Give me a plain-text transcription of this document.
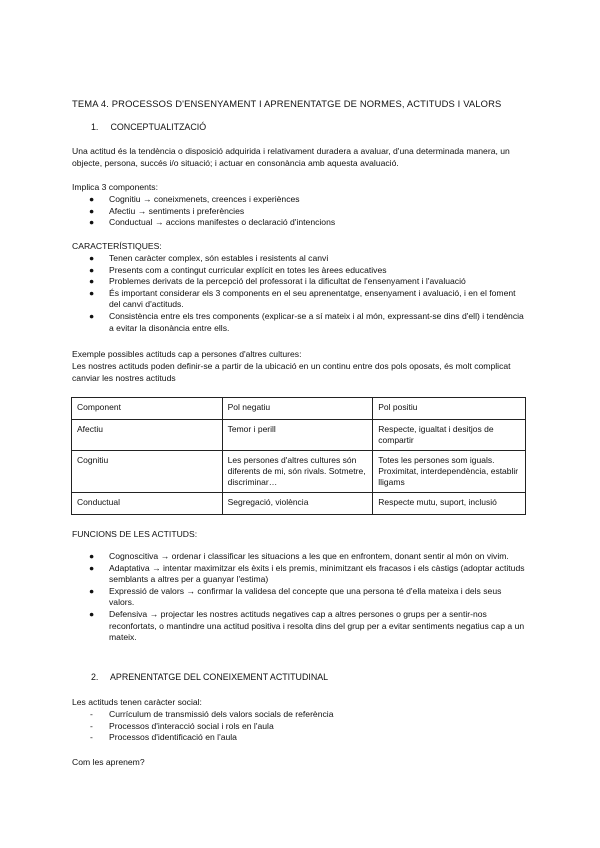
TEMA 4. PROCESSOS D'ENSENYAMENT I APRENENTATGE DE NORMES, ACTITUDS I VALORS
1. CONCEPTUALITZACIÓ
Una actitud és la tendència o disposició adquirida i relativament duradera a avaluar, d'una determinada manera, un objecte, persona, succés i/o situació; i actuar en consonància amb aquesta avaluació.
Implica 3 components:
● Cognitiu → coneixmenets, creences i experiènces
● Afectiu → sentiments i preferències
● Conductual → accions manifestes o declaració d'intencions
CARACTERÍSTIQUES:
● Tenen caràcter complex, són estables i resistents al canvi
● Presents com a contingut curricular explícit en totes les àrees educatives
● Problemes derivats de la percepció del professorat i la dificultat de l'ensenyament i l'avaluació
● És important considerar els 3 components en el seu aprenentatge, ensenyament i avaluació, i en el foment del canvi d'actituds.
● Consistència entre els tres components (explicar-se a sí mateix i al món, expressant-se dins d'ell) i tendència a evitar la disonància entre ells.
Exemple possibles actituds cap a persones d'altres cultures:
Les nostres actituds poden definir-se a partir de la ubicació en un continu entre dos pols oposats, és molt complicat canviar les nostres actituds
Component	Pol negatiu	Pol positiu
Afectiu	Temor i perill	Respecte, igualtat i desitjos de compartir
Cognitiu	Les persones d'altres cultures són diferents de mi, són rivals. Sotmetre, discriminar…	Totes les persones som iguals. Proximitat, interdependència, establir lligams
Conductual	Segregació, violència	Respecte mutu, suport, inclusió
FUNCIONS DE LES ACTITUDS:
● Cognoscitiva → ordenar i classificar les situacions a les que en enfrontem, donant sentir al món on vivim.
● Adaptativa → intentar maximitzar els èxits i els premis, minimitzant els fracasos i els càstigs (adoptar actituds semblants a altres per a guanyar l'estima)
● Expressió de valors → confirmar la validesa del concepte que una persona té d'ella mateixa i dels seus valors.
● Defensiva → projectar les nostres actituds negatives cap a altres persones o grups per a sentir-nos reconfortats, o mantindre una actitud positiva i resolta dins del grup per a evitar sentiments negatius cap a un mateix.
2. APRENENTATGE DEL CONEIXEMENT ACTITUDINAL
Les actituds tenen caràcter social:
- Currículum de transmissió dels valors socials de referència
- Processos d'interacció social i rols en l'aula
- Processos d'identificació en l'aula
Com les aprenem?
